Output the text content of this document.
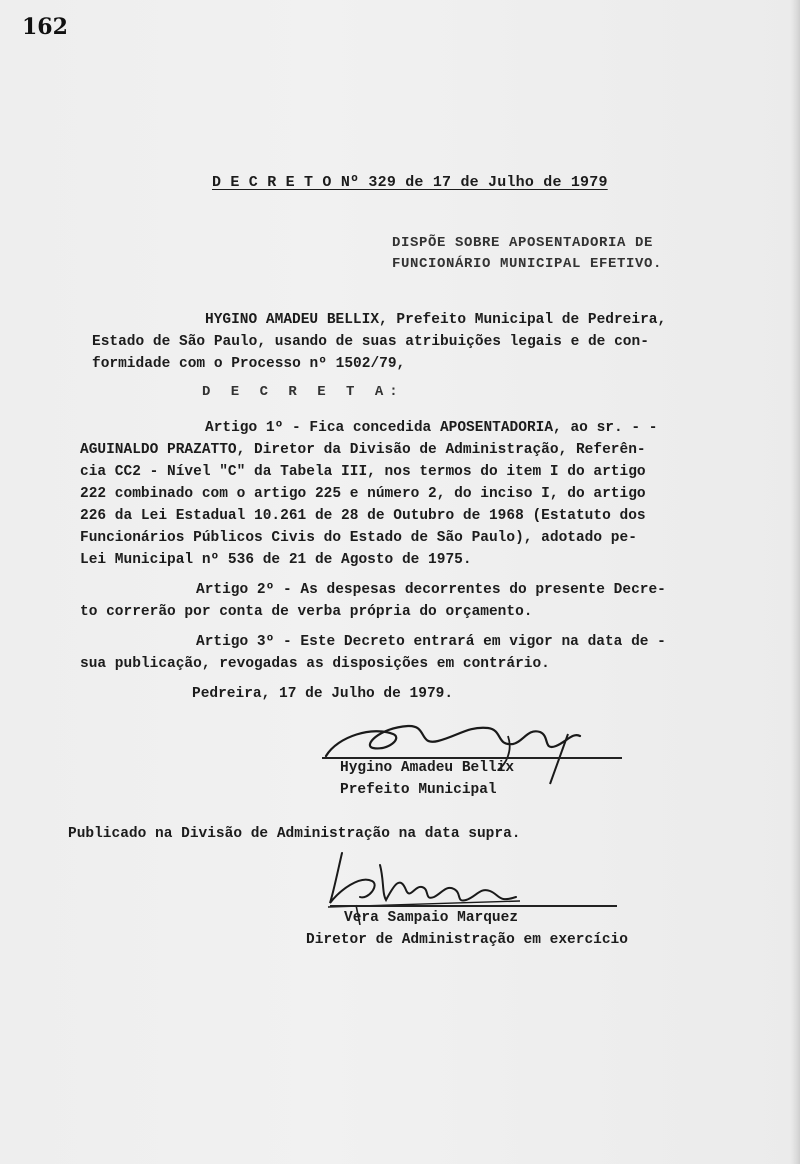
162
D E C R E T O Nº 329 de 17 de Julho de 1979
DISPÕE SOBRE APOSENTADORIA DE
FUNCIONÁRIO MUNICIPAL EFETIVO.
HYGINO AMADEU BELLIX, Prefeito Municipal de Pedreira,
Estado de São Paulo, usando de suas atribuições legais e de con-
formidade com o Processo nº 1502/79,
D E C R E T A:
Artigo 1º - Fica concedida APOSENTADORIA, ao sr. - -
AGUINALDO PRAZATTO, Diretor da Divisão de Administração, Referên-
cia CC2 - Nível "C" da Tabela III, nos termos do item I do artigo
222 combinado com o artigo 225 e número 2, do inciso I, do artigo
226 da Lei Estadual 10.261 de 28 de Outubro de 1968 (Estatuto dos
Funcionários Públicos Civis do Estado de São Paulo), adotado pe-
Lei Municipal nº 536 de 21 de Agosto de 1975.
Artigo 2º - As despesas decorrentes do presente Decre-
to correrão por conta de verba própria do orçamento.
Artigo 3º - Este Decreto entrará em vigor na data de -
sua publicação, revogadas as disposições em contrário.
Pedreira, 17 de Julho de 1979.
Hygino Amadeu Bellix
Prefeito Municipal
Publicado na Divisão de Administração na data supra.
Vera Sampaio Marquez
Diretor de Administração em exercício
